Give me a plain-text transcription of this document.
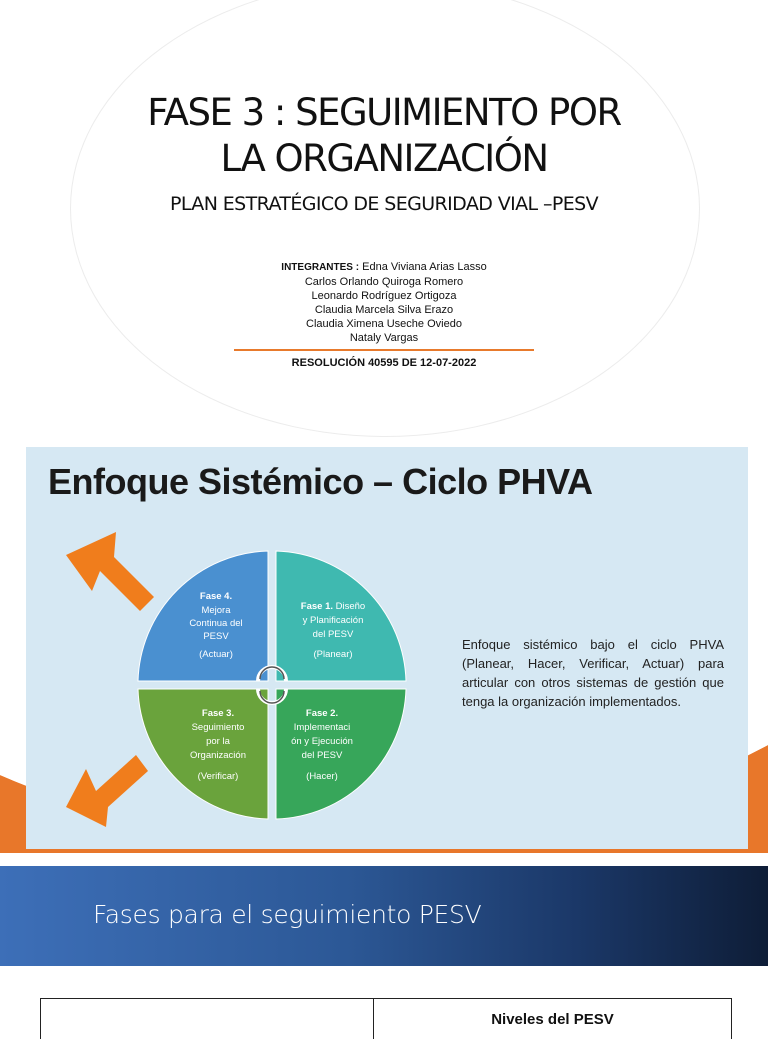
FASE 3 : SEGUIMIENTO POR
LA ORGANIZACIÓN
PLAN ESTRATÉGICO DE SEGURIDAD VIAL –PESV
INTEGRANTES : Edna Viviana Arias Lasso
Carlos Orlando Quiroga Romero
Leonardo Rodríguez Ortigoza
Claudia Marcela Silva Erazo
Claudia Ximena Useche Oviedo
Nataly Vargas
RESOLUCIÓN 40595 DE 12-07-2022
Enfoque Sistémico – Ciclo PHVA
Fase 4.
Mejora
Continua del
PESV
(Actuar)
Fase 1. Diseño
y Planificación
del PESV
(Planear)
Fase 3.
Seguimiento
por la
Organización
(Verificar)
Fase 2.
Implementaci
ón y Ejecución
del PESV
(Hacer)
Enfoque sistémico bajo el ciclo PHVA (Planear, Hacer, Verificar, Actuar) para articular con otros sistemas de gestión que tenga la organización implementados.
Fases para el seguimiento PESV
Niveles del PESV
